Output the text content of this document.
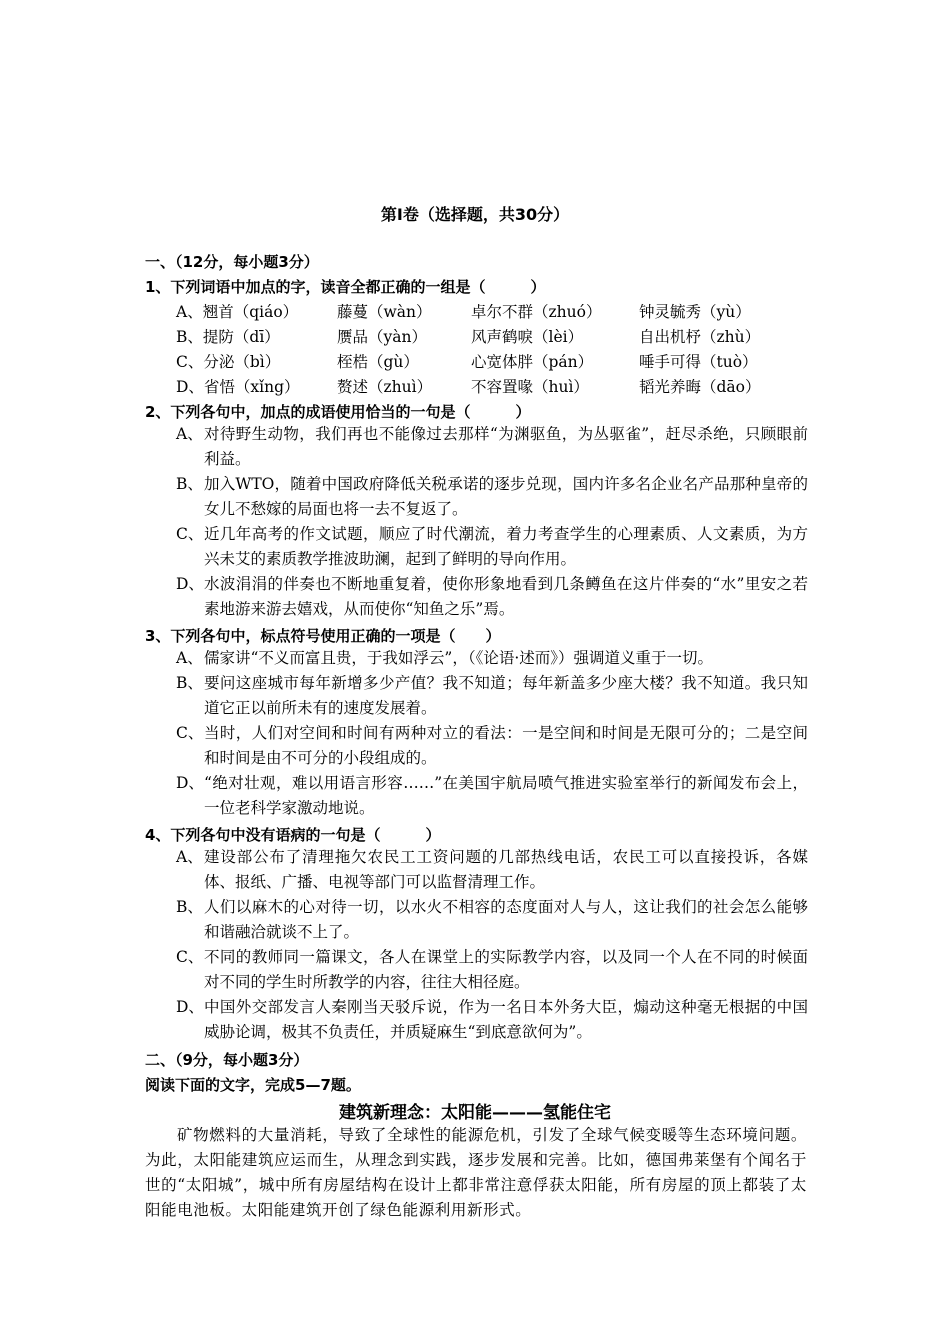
第Ⅰ卷（选择题，共30分）
一、（12分，每小题3分）
1、下列词语中加点的字，读音全都正确的一组是（　　　）
A、翘首（qiáo）	藤蔓（wàn）	卓尔不群（zhuó） 钟灵毓秀（yù）
B、提防（dī）	赝品（yàn）	风声鹤唳（lèi）	自出机杼（zhù）
C、分泌（bì）	桎梏（gù）	心宽体胖（pán）	唾手可得（tuò）
D、省悟（xǐng） 赘述（zhuì）	不容置喙（huì）	韬光养晦（dāo）
2、下列各句中，加点的成语使用恰当的一句是（　　　）
A、 对待野生动物，我们再也不能像过去那样“为渊驱鱼，为丛驱雀”，赶尽杀绝，只顾眼前利益。
B、 加入WTO，随着中国政府降低关税承诺的逐步兑现，国内许多名企业名产品那种皇帝的女儿不愁嫁的局面也将一去不复返了。
C、 近几年高考的作文试题，顺应了时代潮流，着力考查学生的心理素质、人文素质，为方兴未艾的素质教学推波助澜，起到了鲜明的导向作用。
D、 水波涓涓的伴奏也不断地重复着，使你形象地看到几条鳟鱼在这片伴奏的“水”里安之若素地游来游去嬉戏，从而使你“知鱼之乐”焉。
3、下列各句中，标点符号使用正确的一项是（　　）
A、 儒家讲“不义而富且贵，于我如浮云”，（《论语·述而》）强调道义重于一切。
B、 要问这座城市每年新增多少产值？我不知道；每年新盖多少座大楼？我不知道。我只知道它正以前所未有的速度发展着。
C、 当时，人们对空间和时间有两种对立的看法：一是空间和时间是无限可分的；二是空间和时间是由不可分的小段组成的。
D、 “绝对壮观，难以用语言形容……”在美国宇航局喷气推进实验室举行的新闻发布会上，一位老科学家激动地说。
4、下列各句中没有语病的一句是（　　　）
A、 建设部公布了清理拖欠农民工工资问题的几部热线电话，农民工可以直接投诉，各媒体、报纸、广播、电视等部门可以监督清理工作。
B、 人们以麻木的心对待一切，以水火不相容的态度面对人与人，这让我们的社会怎么能够和谐融洽就谈不上了。
C、 不同的教师同一篇课文，各人在课堂上的实际教学内容，以及同一个人在不同的时候面对不同的学生时所教学的内容，往往大相径庭。
D、 中国外交部发言人秦刚当天驳斥说，作为一名日本外务大臣，煽动这种毫无根据的中国威胁论调，极其不负责任，并质疑麻生“到底意欲何为”。
二、（9分，每小题3分）
阅读下面的文字，完成5—7题。
建筑新理念：太阳能———氢能住宅
矿物燃料的大量消耗，导致了全球性的能源危机，引发了全球气候变暖等生态环境问题。为此，太阳能建筑应运而生，从理念到实践，逐步发展和完善。比如，德国弗莱堡有个闻名于世的“太阳城”，城中所有房屋结构在设计上都非常注意俘获太阳能，所有房屋的顶上都装了太阳能电池板。太阳能建筑开创了绿色能源利用新形式。
